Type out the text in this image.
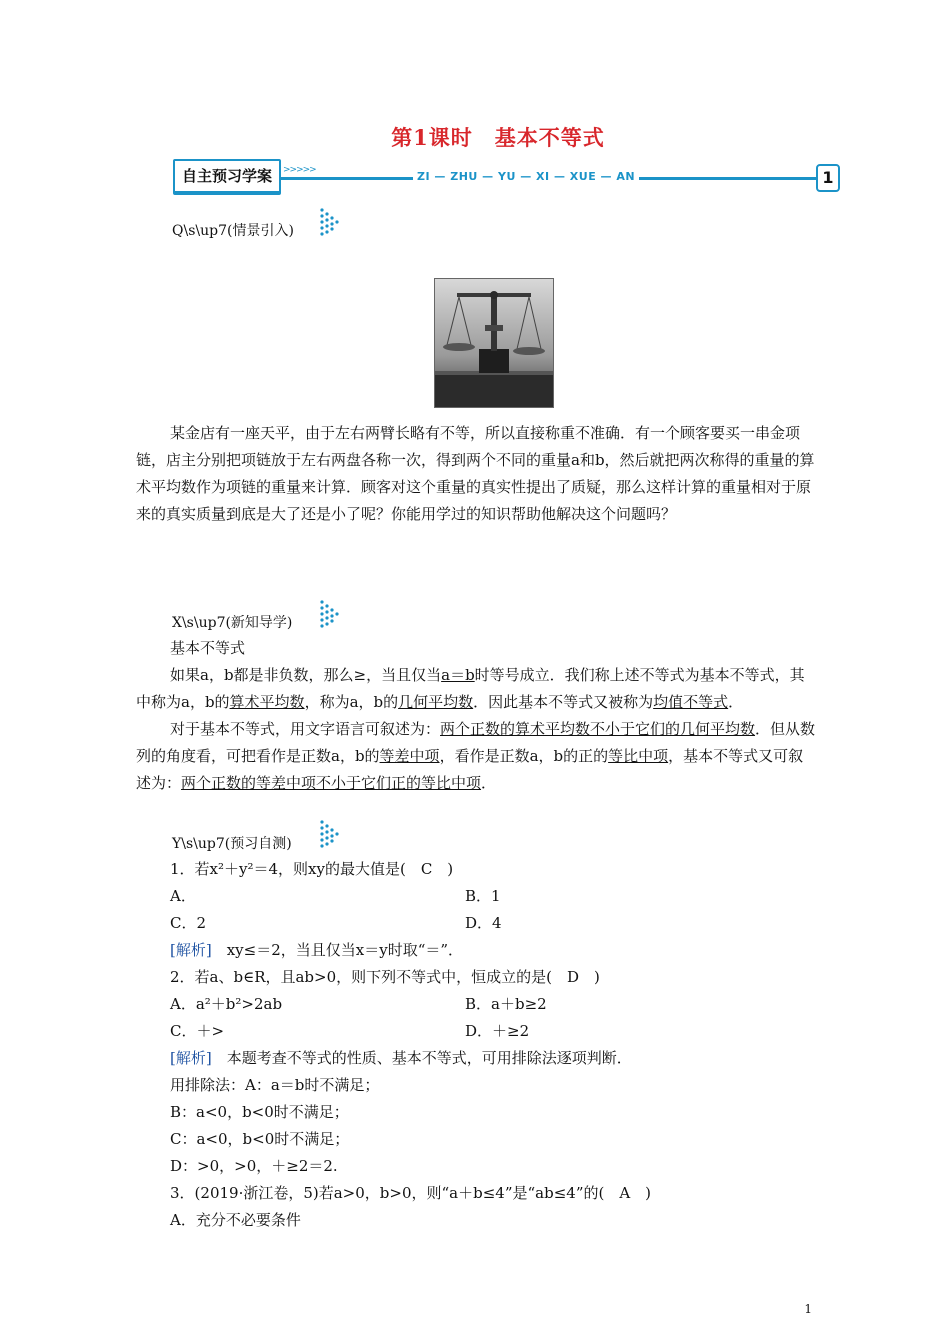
第1课时　基本不等式
自主预习学案	>>>>>	ZI — ZHU — YU — XI — XUE — AN	1
Q\s\up7(情景引入)
某金店有一座天平，由于左右两臂长略有不等，所以直接称重不准确．有一个顾客要买一串金项链，店主分别把项链放于左右两盘各称一次，得到两个不同的重量a和b，然后就把两次称得的重量的算术平均数作为项链的重量来计算．顾客对这个重量的真实性提出了质疑，那么这样计算的重量相对于原来的真实质量到底是大了还是小了呢？你能用学过的知识帮助他解决这个问题吗？
X\s\up7(新知导学)
基本不等式
如果a，b都是非负数，那么≥，当且仅当a＝b时等号成立．我们称上述不等式为基本不等式，其中称为a，b的算术平均数，称为a，b的几何平均数．因此基本不等式又被称为均值不等式．
对于基本不等式，用文字语言可叙述为：两个正数的算术平均数不小于它们的几何平均数．但从数列的角度看，可把看作是正数a，b的等差中项，看作是正数a，b的正的等比中项，基本不等式又可叙述为：两个正数的等差中项不小于它们正的等比中项．
Y\s\up7(预习自测)
1．若x²＋y²＝4，则xy的最大值是(　C　)
A．	B．1
C．2	D．4
[解析]　xy≤＝2，当且仅当x＝y时取“＝”．
2．若a、b∈R，且ab>0，则下列不等式中，恒成立的是(　D　)
A．a²＋b²>2ab	B．a＋b≥2
C．＋>	D．＋≥2
[解析]　本题考查不等式的性质、基本不等式，可用排除法逐项判断．
用排除法：A：a＝b时不满足；
B：a<0，b<0时不满足；
C：a<0，b<0时不满足；
D：>0，>0，＋≥2＝2.
3．(2019·浙江卷，5)若a>0，b>0，则“a＋b≤4”是“ab≤4”的(　A　)
A．充分不必要条件
1
